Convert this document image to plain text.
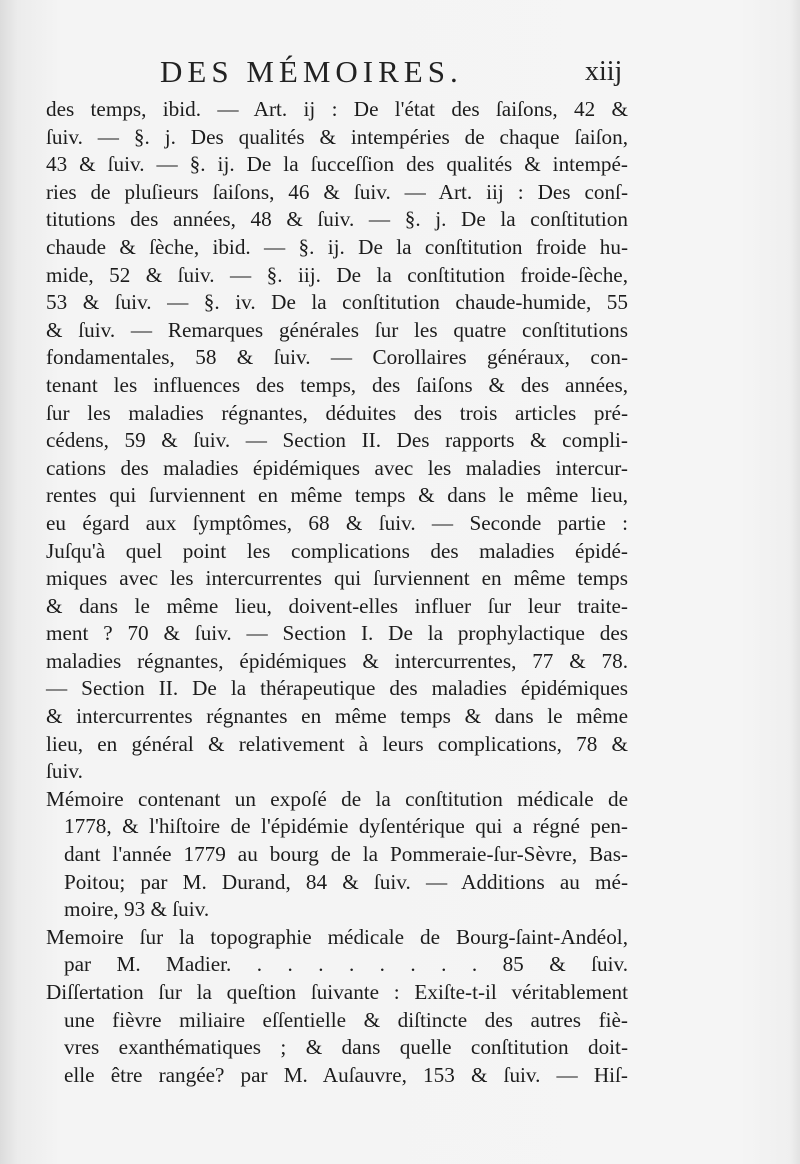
DES MÉMOIRES.	xiij
des temps, ibid. — Art. ij : De l'état des ſaiſons, 42 &
ſuiv. — §. j. Des qualités & intempéries de chaque ſaiſon,
43 & ſuiv. — §. ij. De la ſucceſſion des qualités & intempé-
ries de pluſieurs ſaiſons, 46 & ſuiv. — Art. iij : Des conſ-
titutions des années, 48 & ſuiv. — §. j. De la conſtitution
chaude & ſèche, ibid. — §. ij. De la conſtitution froide hu-
mide, 52 & ſuiv. — §. iij. De la conſtitution froide-ſèche,
53 & ſuiv. — §. iv. De la conſtitution chaude-humide, 55
& ſuiv. — Remarques générales ſur les quatre conſtitutions
fondamentales, 58 & ſuiv. — Corollaires généraux, con-
tenant les influences des temps, des ſaiſons & des années,
ſur les maladies régnantes, déduites des trois articles pré-
cédens, 59 & ſuiv. — Section II. Des rapports & compli-
cations des maladies épidémiques avec les maladies intercur-
rentes qui ſurviennent en même temps & dans le même lieu,
eu égard aux ſymptômes, 68 & ſuiv. — Seconde partie :
Juſqu'à quel point les complications des maladies épidé-
miques avec les intercurrentes qui ſurviennent en même temps
& dans le même lieu, doivent-elles influer ſur leur traite-
ment ? 70 & ſuiv. — Section I. De la prophylactique des
maladies régnantes, épidémiques & intercurrentes, 77 & 78.
— Section II. De la thérapeutique des maladies épidémiques
& intercurrentes régnantes en même temps & dans le même
lieu, en général & relativement à leurs complications, 78 &
ſuiv.
Mémoire contenant un expoſé de la conſtitution médicale de
1778, & l'hiſtoire de l'épidémie dyſentérique qui a régné pen-
dant l'année 1779 au bourg de la Pommeraie-ſur-Sèvre, Bas-
Poitou; par M. Durand, 84 & ſuiv. — Additions au mé-
moire, 93 & ſuiv.
Memoire ſur la topographie médicale de Bourg-ſaint-Andéol,
par M. Madier. . . . . . . . . 85 & ſuiv.
Diſſertation ſur la queſtion ſuivante : Exiſte-t-il véritablement
une fièvre miliaire eſſentielle & diſtincte des autres fiè-
vres exanthématiques ; & dans quelle conſtitution doit-
elle être rangée? par M. Auſauvre, 153 & ſuiv. — Hiſ-
